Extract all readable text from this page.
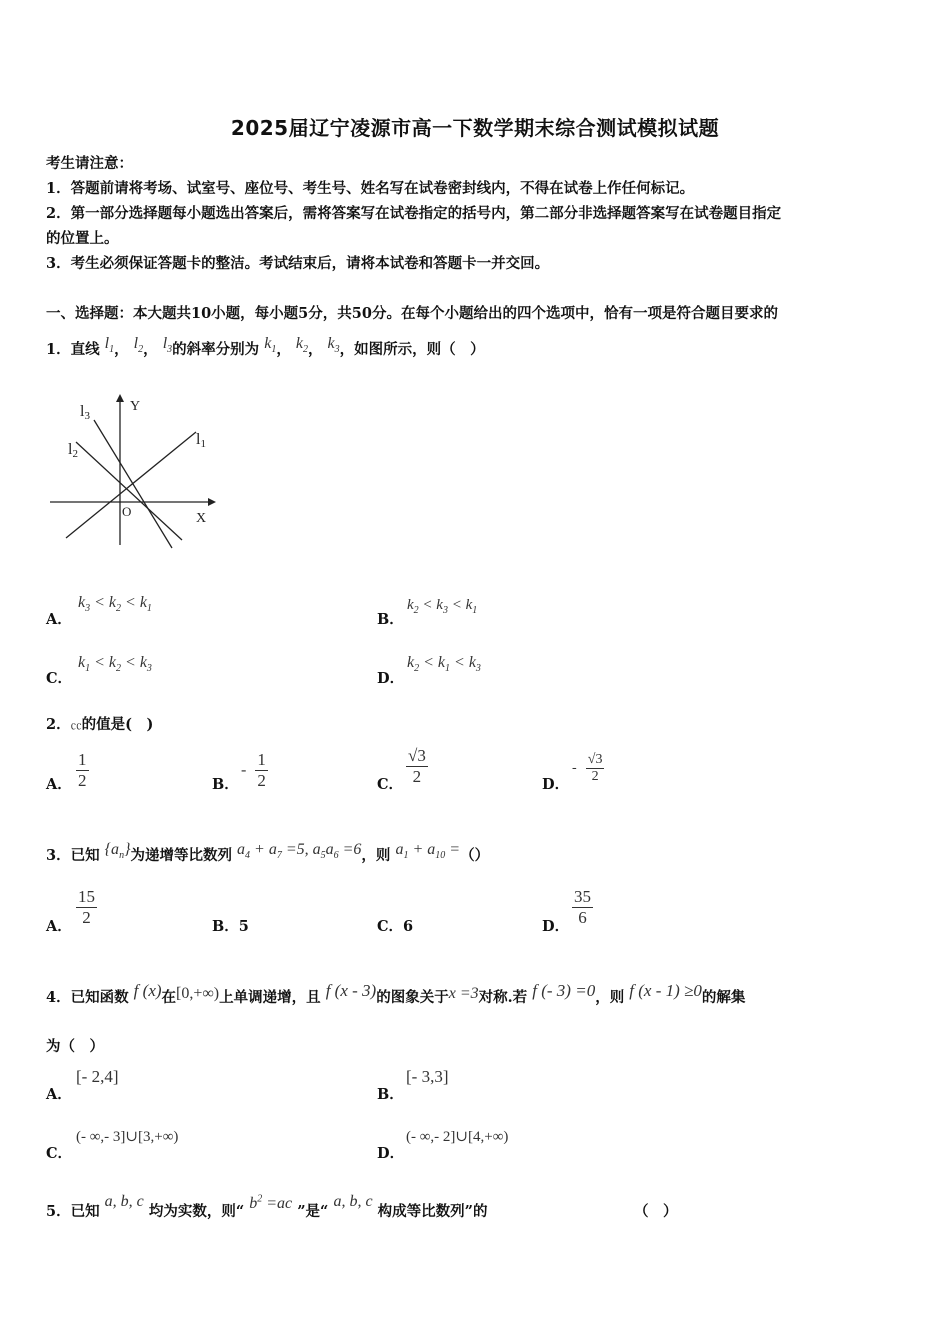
2025届辽宁凌源市高一下数学期末综合测试模拟试题
考生请注意：
1．答题前请将考场、试室号、座位号、考生号、姓名写在试卷密封线内，不得在试卷上作任何标记。
2．第一部分选择题每小题选出答案后，需将答案写在试卷指定的括号内，第二部分非选择题答案写在试卷题目指定
的位置上。
3．考生必须保证答题卡的整洁。考试结束后，请将本试卷和答题卡一并交回。
一、选择题：本大题共10小题，每小题5分，共50分。在每个小题给出的四个选项中，恰有一项是符合题目要求的
1．直线 $l_1$， $l_2$， $l_3$的斜率分别为 $k_1$， $k_2$， $k_3$，如图所示，则（　）
l3
l2
l1
Y
X
O
A．
$k_3 < k_2 < k_1$
B．
$k_2 < k_3 < k_1$
C．
$k_1 < k_2 < k_3$
D．
$k_2 < k_1 < k_3$
2．㏄的值是(　)
A． $\frac{1}{2}$	B．
- $\frac{1}{2}$	C． $\frac{√3}{2}$	D．
- $\frac{√3}{2}$
3．已知 $\{a_n\}$为递增等比数列 $a_4 + a_7 =5$, $a_5a_6 =6$，则 $a_1 + a_{10}$ =（）
A． $\frac{15}{2}$	B．5	C．6	D． $\frac{35}{6}$
4．已知函数 f (x)在[0,+∞)上单调递增，且 f (x - 3)的图象关于x =3对称.若 f (- 3) =0，则 f (x - 1) ≥0的解集
为（　）
A．
[- 2,4]
B．
[- 3,3]
C．
(- ∞,- 3]∪[3,+∞)
D．
(- ∞,- 2]∪[4,+∞)
5．已知 a, b, c 均为实数，则“ $b^2 =ac$ ”是“ a, b, c 构成等比数列”的	（　）
